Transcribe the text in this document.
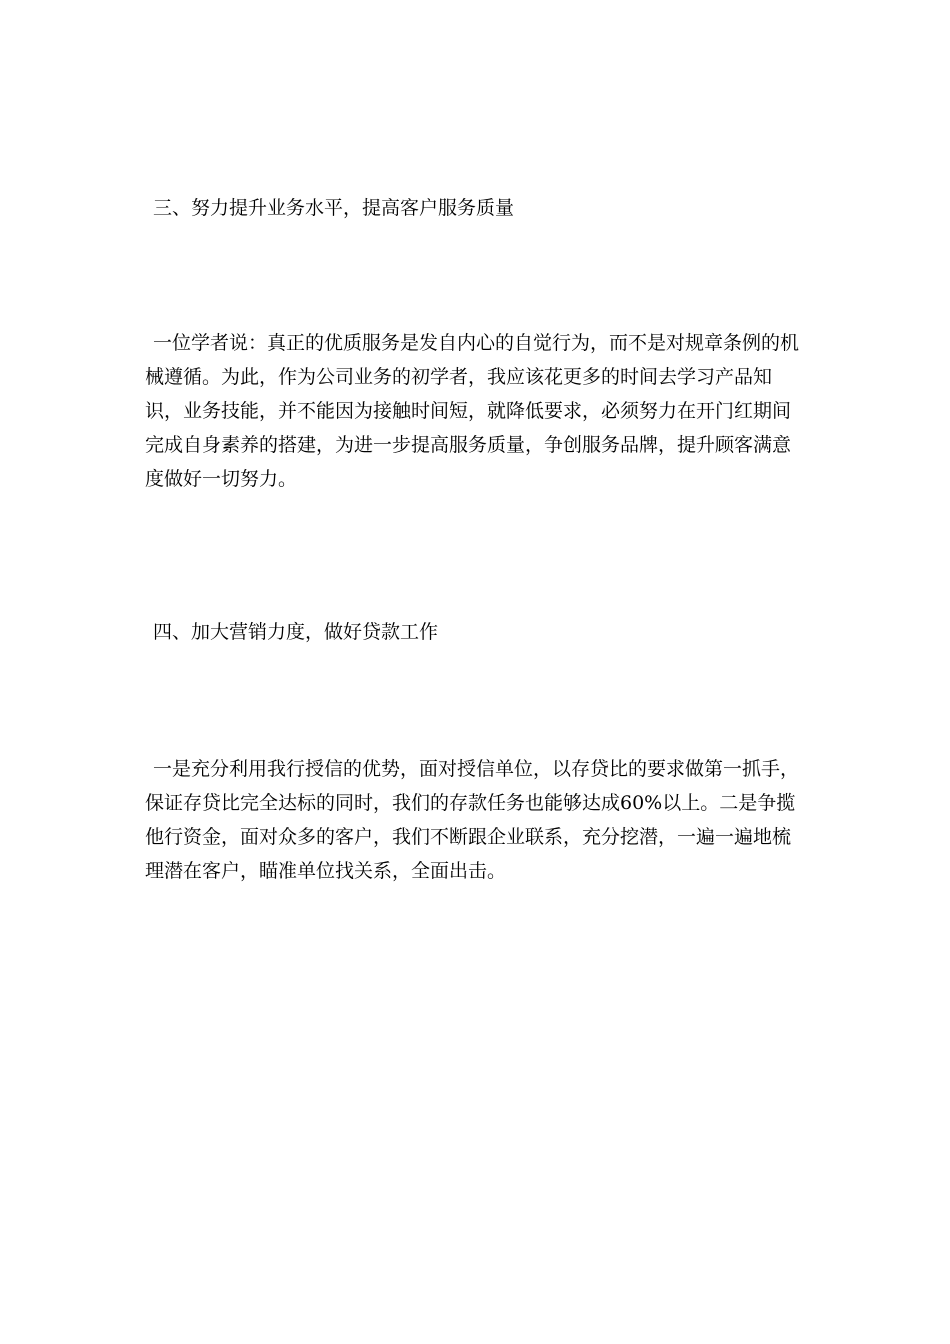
三、努力提升业务水平，提高客户服务质量
一位学者说：真正的优质服务是发自内心的自觉行为，而不是对规章条例的机械遵循。为此，作为公司业务的初学者，我应该花更多的时间去学习产品知识，业务技能，并不能因为接触时间短，就降低要求，必须努力在开门红期间完成自身素养的搭建，为进一步提高服务质量，争创服务品牌，提升顾客满意度做好一切努力。
四、加大营销力度，做好贷款工作
一是充分利用我行授信的优势，面对授信单位，以存贷比的要求做第一抓手，保证存贷比完全达标的同时，我们的存款任务也能够达成60%以上。二是争揽他行资金，面对众多的客户，我们不断跟企业联系，充分挖潜，一遍一遍地梳理潜在客户，瞄准单位找关系，全面出击。
